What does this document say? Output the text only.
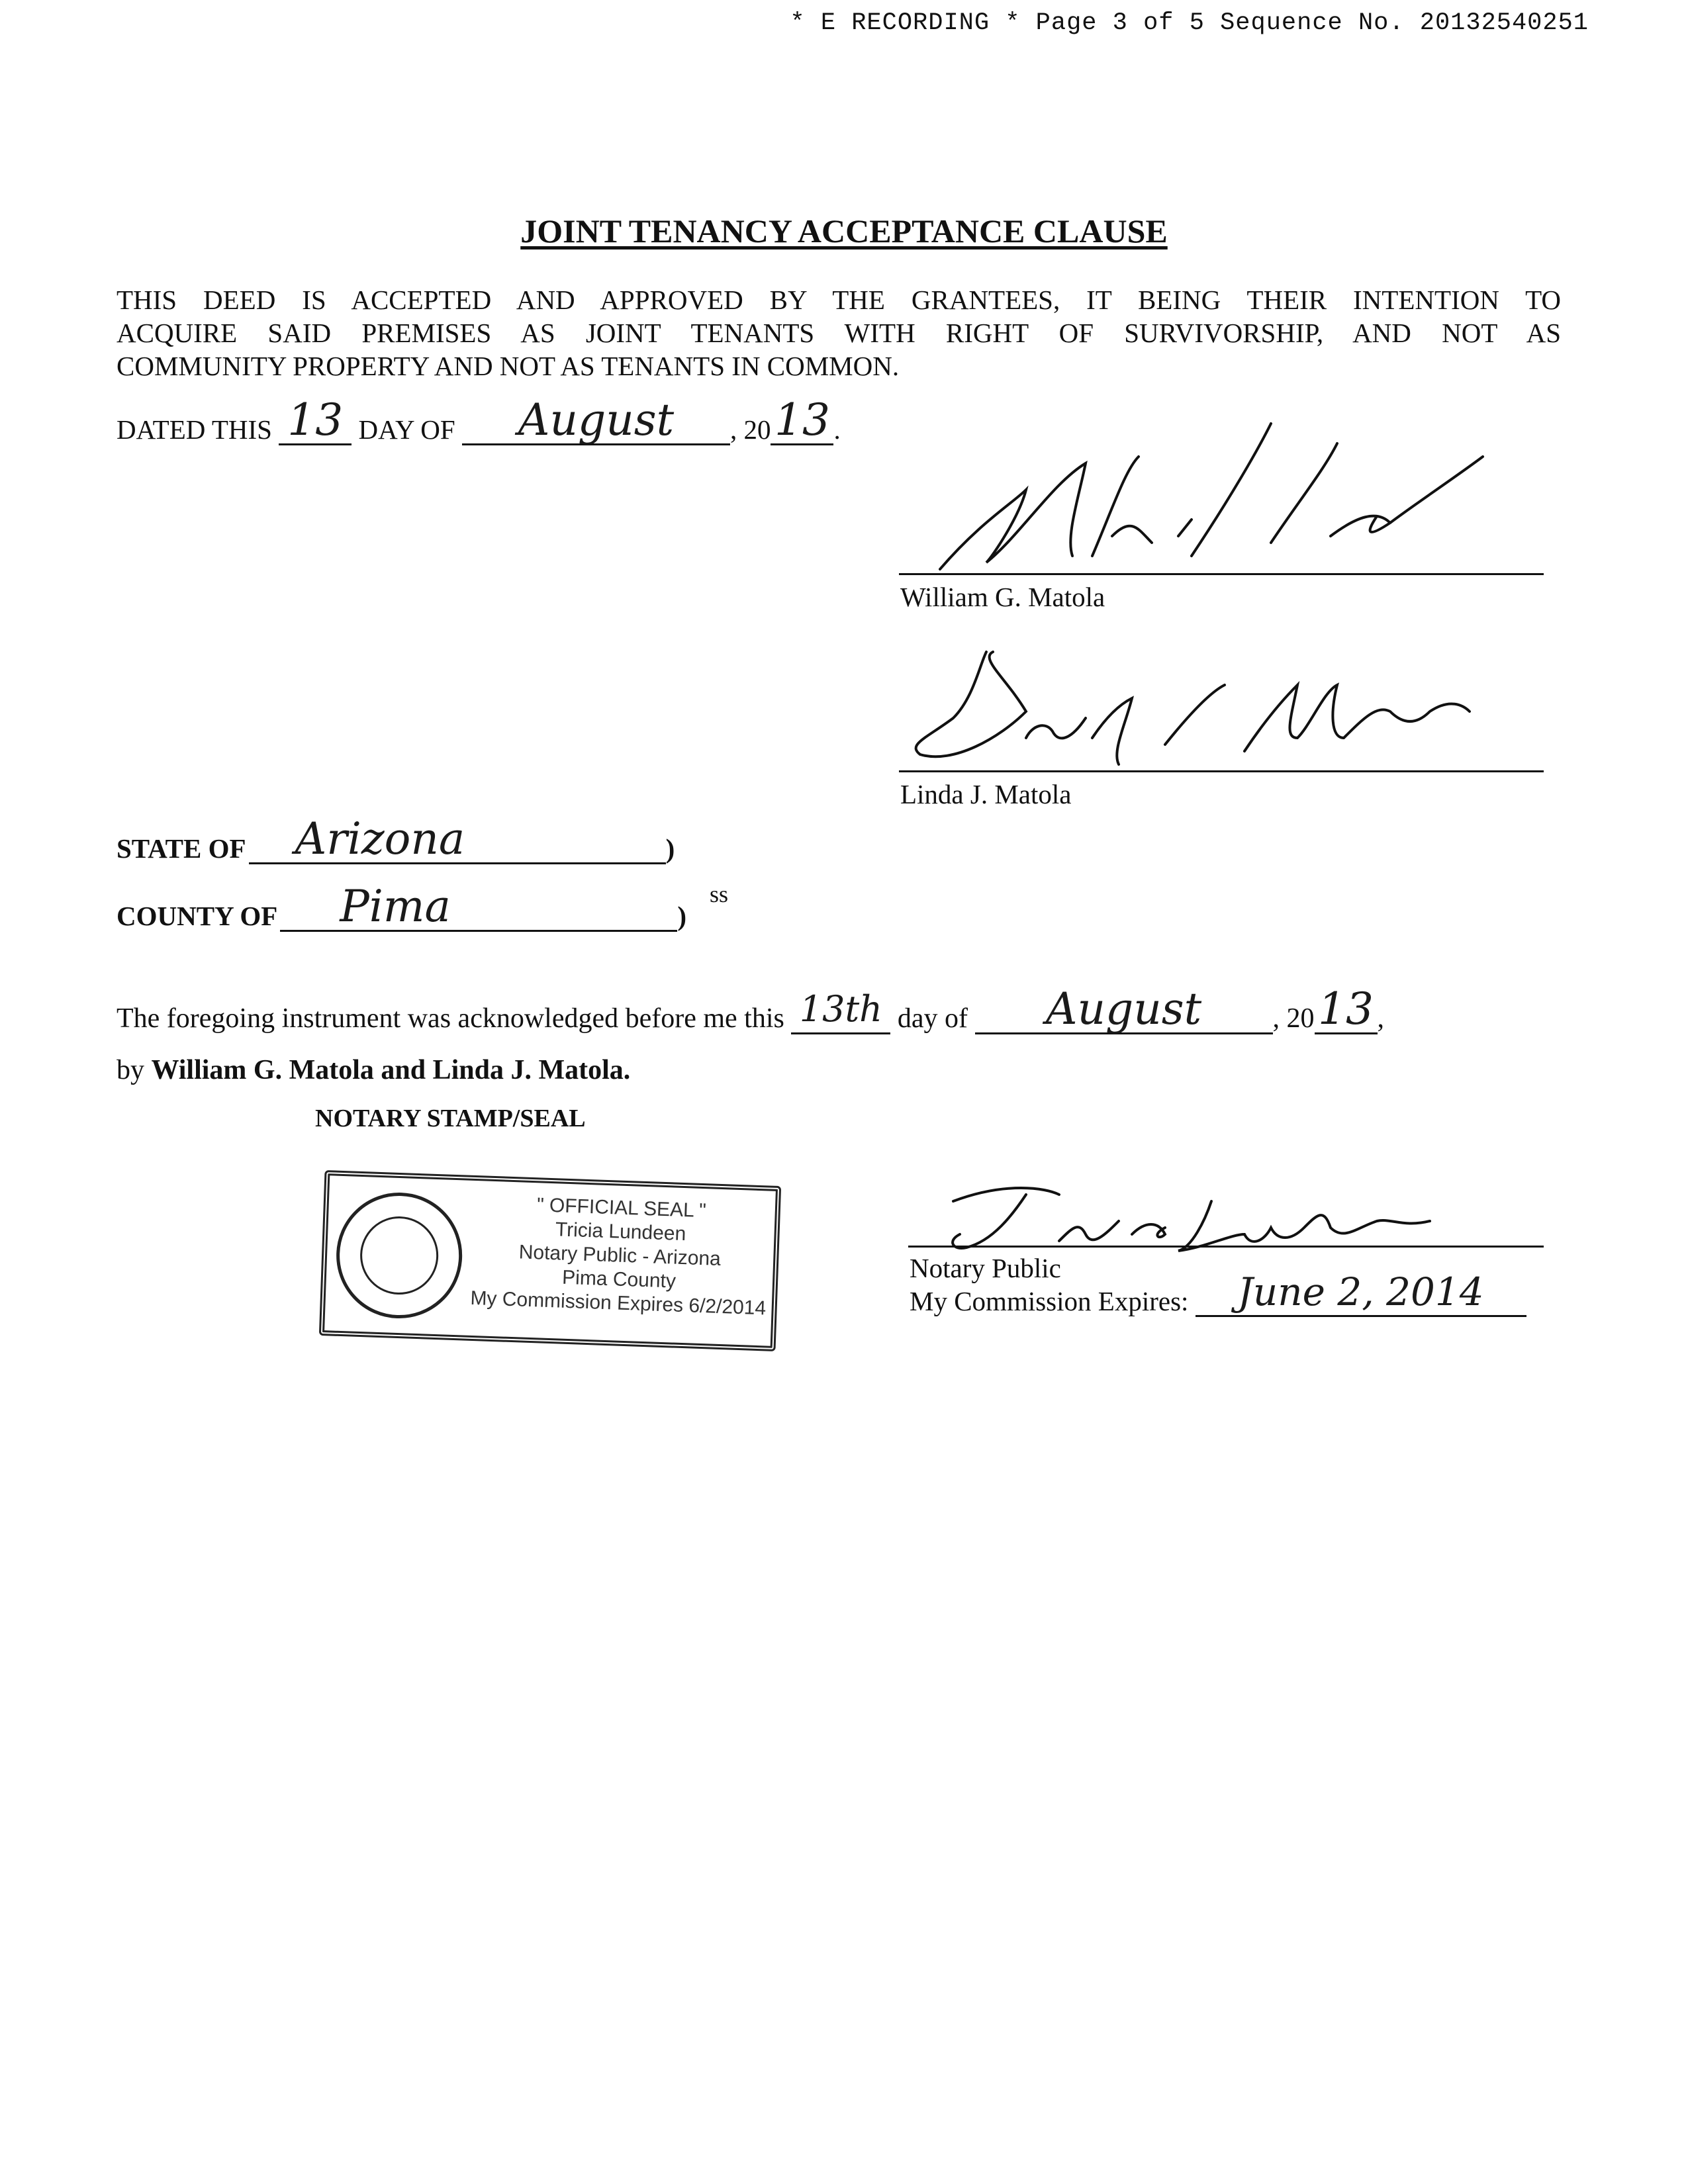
* E RECORDING * Page 3 of 5 Sequence No. 20132540251
JOINT TENANCY ACCEPTANCE CLAUSE
THIS DEED IS ACCEPTED AND APPROVED BY THE GRANTEES, IT BEING THEIR INTENTION TO
ACQUIRE SAID PREMISES AS JOINT TENANTS WITH RIGHT OF SURVIVORSHIP, AND NOT AS
COMMUNITY PROPERTY AND NOT AS TENANTS IN COMMON.
DATED THIS 13 DAY OF	August	, 20 13 .
William G. Matola
Linda J. Matola
STATE OF Arizona	)
ss
COUNTY OF Pima	)
The foregoing instrument was acknowledged before me this 13th day of	August	, 20 13 ,
by William G. Matola and Linda J. Matola.
NOTARY STAMP/SEAL
" OFFICIAL SEAL "
Tricia Lundeen
Notary Public - Arizona
Pima County
My Commission Expires 6/2/2014
Notary Public
My Commission Expires:	June 2, 2014
